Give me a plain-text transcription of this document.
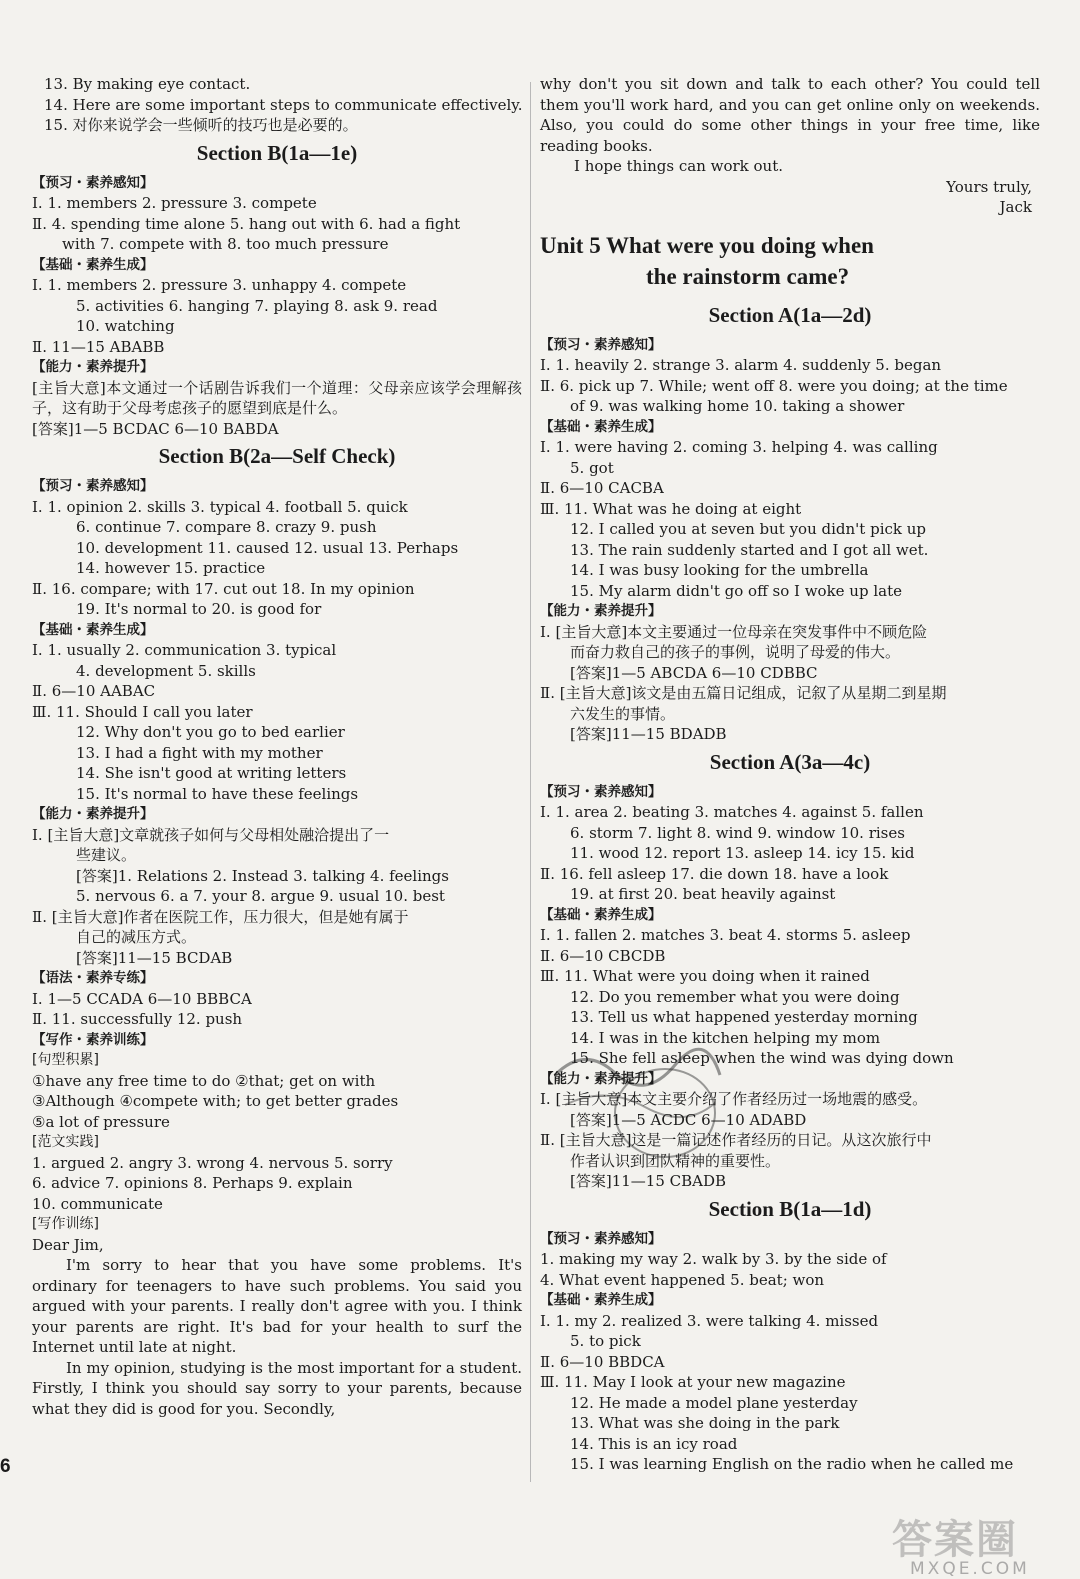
13. By making eye contact.
14. Here are some important steps to communicate effectively.
15. 对你来说学会一些倾听的技巧也是必要的。
Section B(1a—1e)
【预习・素养感知】
Ⅰ. 1. members 2. pressure 3. compete
Ⅱ. 4. spending time alone 5. hang out with 6. had a fight
with 7. compete with 8. too much pressure
【基础・素养生成】
Ⅰ. 1. members 2. pressure 3. unhappy 4. compete
5. activities 6. hanging 7. playing 8. ask 9. read
10. watching
Ⅱ. 11—15 ABABB
【能力・素养提升】
[主旨大意]本文通过一个话剧告诉我们一个道理：父母亲应该学会理解孩子，这有助于父母考虑孩子的愿望到底是什么。
[答案]1—5 BCDAC 6—10 BABDA
Section B(2a—Self Check)
【预习・素养感知】
Ⅰ. 1. opinion 2. skills 3. typical 4. football 5. quick
6. continue 7. compare 8. crazy 9. push
10. development 11. caused 12. usual 13. Perhaps
14. however 15. practice
Ⅱ. 16. compare; with 17. cut out 18. In my opinion
19. It's normal to 20. is good for
【基础・素养生成】
Ⅰ. 1. usually 2. communication 3. typical
4. development 5. skills
Ⅱ. 6—10 AABAC
Ⅲ. 11. Should I call you later
12. Why don't you go to bed earlier
13. I had a fight with my mother
14. She isn't good at writing letters
15. It's normal to have these feelings
【能力・素养提升】
Ⅰ. [主旨大意]文章就孩子如何与父母相处融洽提出了一
些建议。
[答案]1. Relations 2. Instead 3. talking 4. feelings
5. nervous 6. a 7. your 8. argue 9. usual 10. best
Ⅱ. [主旨大意]作者在医院工作，压力很大，但是她有属于
自己的减压方式。
[答案]11—15 BCDAB
【语法・素养专练】
Ⅰ. 1—5 CCADA 6—10 BBBCA
Ⅱ. 11. successfully 12. push
【写作・素养训练】
[句型积累]
①have any free time to do ②that; get on with
③Although ④compete with; to get better grades
⑤a lot of pressure
[范文实践]
1. argued 2. angry 3. wrong 4. nervous 5. sorry
6. advice 7. opinions 8. Perhaps 9. explain
10. communicate
[写作训练]
Dear Jim,
I'm sorry to hear that you have some problems. It's ordinary for teenagers to have such problems. You said you argued with your parents. I really don't agree with you. I think your parents are right. It's bad for your health to surf the Internet until late at night.
In my opinion, studying is the most important for a student. Firstly, I think you should say sorry to your parents, because what they did is good for you. Secondly,
why don't you sit down and talk to each other? You could tell them you'll work hard, and you can get online only on weekends. Also, you could do some other things in your free time, like reading books.
I hope things can work out.
Yours truly,
Jack
Unit 5 What were you doing when
the rainstorm came?
Section A(1a—2d)
【预习・素养感知】
Ⅰ. 1. heavily 2. strange 3. alarm 4. suddenly 5. began
Ⅱ. 6. pick up 7. While; went off 8. were you doing; at the time
of 9. was walking home 10. taking a shower
【基础・素养生成】
Ⅰ. 1. were having 2. coming 3. helping 4. was calling
5. got
Ⅱ. 6—10 CACBA
Ⅲ. 11. What was he doing at eight
12. I called you at seven but you didn't pick up
13. The rain suddenly started and I got all wet.
14. I was busy looking for the umbrella
15. My alarm didn't go off so I woke up late
【能力・素养提升】
Ⅰ. [主旨大意]本文主要通过一位母亲在突发事件中不顾危险
而奋力救自己的孩子的事例，说明了母爱的伟大。
[答案]1—5 ABCDA 6—10 CDBBC
Ⅱ. [主旨大意]该文是由五篇日记组成，记叙了从星期二到星期
六发生的事情。
[答案]11—15 BDADB
Section A(3a—4c)
【预习・素养感知】
Ⅰ. 1. area 2. beating 3. matches 4. against 5. fallen
6. storm 7. light 8. wind 9. window 10. rises
11. wood 12. report 13. asleep 14. icy 15. kid
Ⅱ. 16. fell asleep 17. die down 18. have a look
19. at first 20. beat heavily against
【基础・素养生成】
Ⅰ. 1. fallen 2. matches 3. beat 4. storms 5. asleep
Ⅱ. 6—10 CBCDB
Ⅲ. 11. What were you doing when it rained
12. Do you remember what you were doing
13. Tell us what happened yesterday morning
14. I was in the kitchen helping my mom
15. She fell asleep when the wind was dying down
【能力・素养提升】
Ⅰ. [主旨大意]本文主要介绍了作者经历过一场地震的感受。
[答案]1—5 ACDC 6—10 ADABD
Ⅱ. [主旨大意]这是一篇记述作者经历的日记。从这次旅行中
作者认识到团队精神的重要性。
[答案]11—15 CBADB
Section B(1a—1d)
【预习・素养感知】
1. making my way 2. walk by 3. by the side of
4. What event happened 5. beat; won
【基础・素养生成】
Ⅰ. 1. my 2. realized 3. were talking 4. missed
5. to pick
Ⅱ. 6—10 BBDCA
Ⅲ. 11. May I look at your new magazine
12. He made a model plane yesterday
13. What was she doing in the park
14. This is an icy road
15. I was learning English on the radio when he called me
6
答案圈
MXQE.COM
